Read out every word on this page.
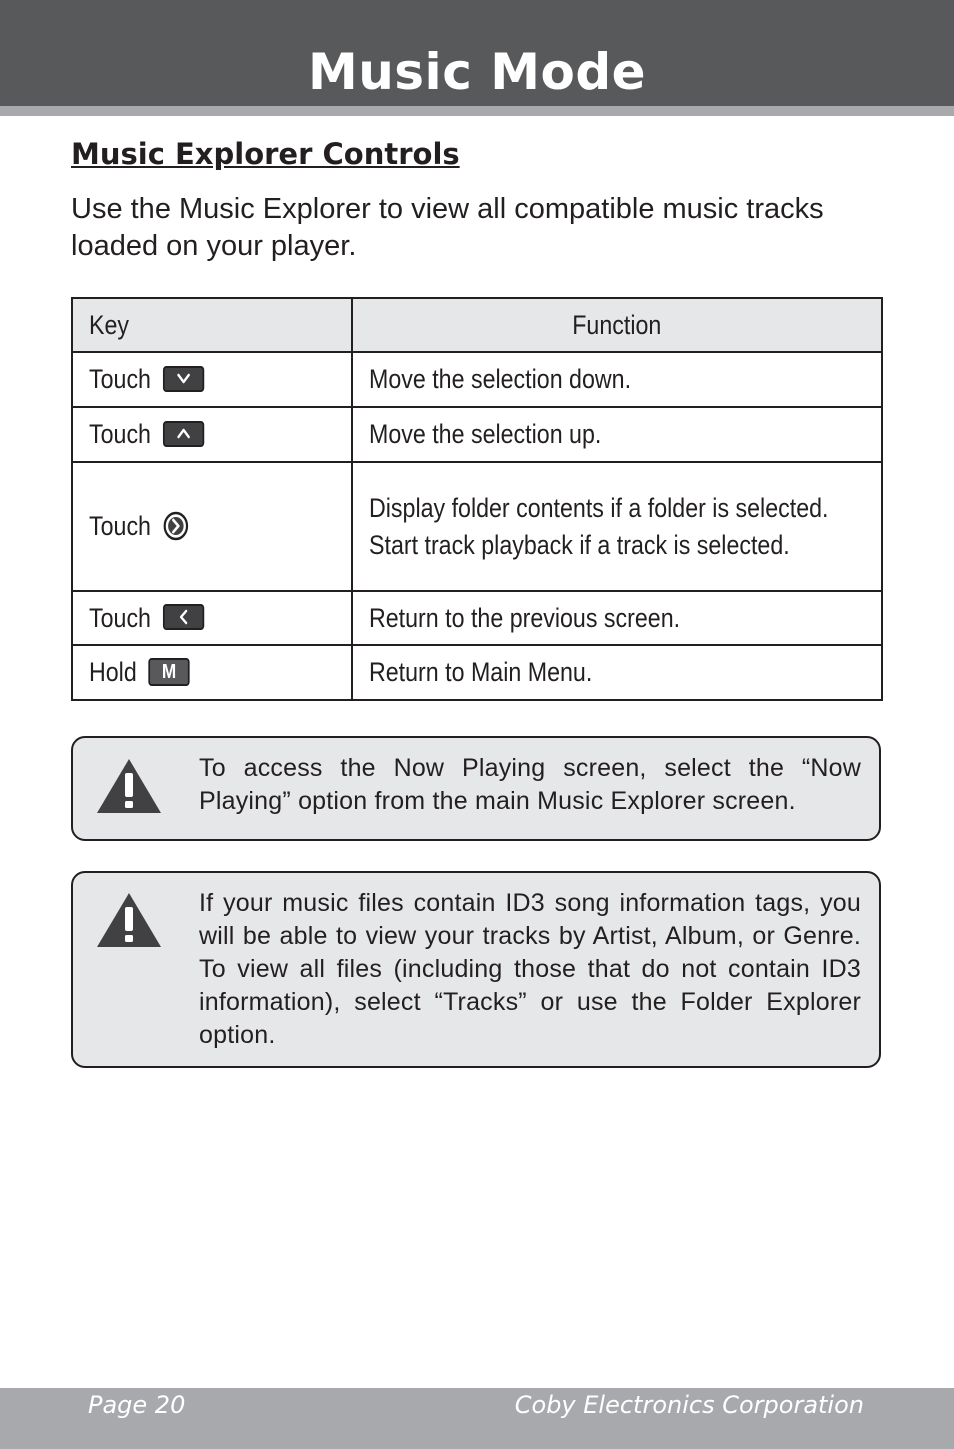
Music Mode
Music Explorer Controls
Use the Music Explorer to view all compatible music tracks loaded on your player.
Key	Function
Touch	Move the selection down.

Touch	Move the selection up.

Touch	Display folder contents if a folder is selected.
Start track playback if a track is selected.

Touch	Return to the previous screen.

Hold M	Return to Main Menu.
To access the Now Playing screen, select the “Now Playing” option from the main Music Explorer screen.
If your music files contain ID3 song information tags, you will be able to view your tracks by Artist, Album, or Genre. To view all files (including those that do not contain ID3 information), select “Tracks” or use the Folder Explorer option.
Page 20	Coby Electronics Corporation
